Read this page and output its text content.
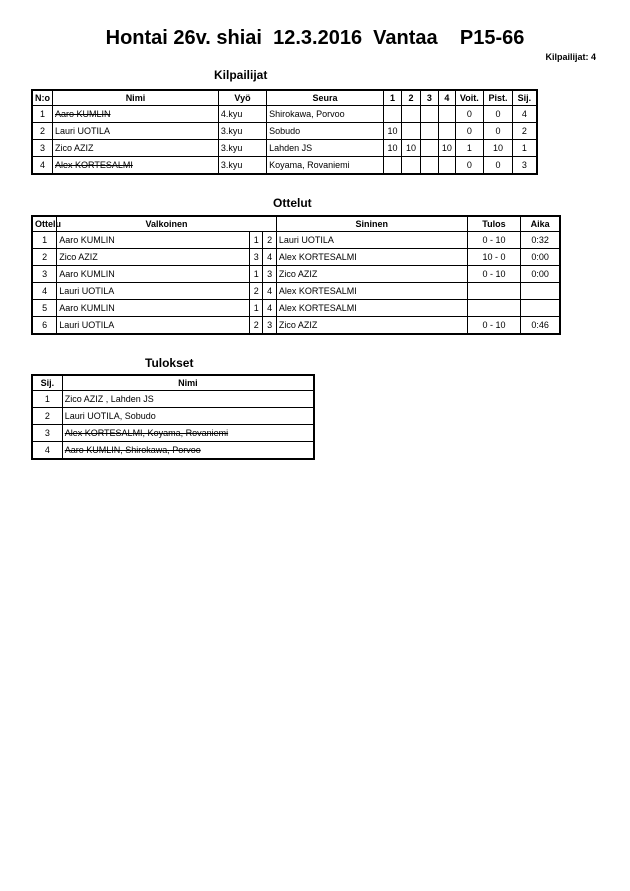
Hontai 26v. shiai  12.3.2016  Vantaa    P15-66
Kilpailijat: 4
Kilpailijat
N:o	Nimi	Vyö	Seura	1	2	3	4	Voit.	Pist.	Sij.
1	Aaro KUMLIN	4.kyu	Shirokawa, Porvoo					0	0	4
2	Lauri UOTILA	3.kyu	Sobudo	10				0	0	2
3	Zico AZIZ	3.kyu	Lahden JS	10	10		10	1	10	1
4	Alex KORTESALMI	3.kyu	Koyama, Rovaniemi					0	0	3
Ottelut
Ottelu	Valkoinen			Sininen	Tulos	Aika
1	Aaro KUMLIN	1	2	Lauri UOTILA	0 - 10	0:32
2	Zico AZIZ	3	4	Alex KORTESALMI	10 - 0	0:00
3	Aaro KUMLIN	1	3	Zico AZIZ	0 - 10	0:00
4	Lauri UOTILA	2	4	Alex KORTESALMI		
5	Aaro KUMLIN	1	4	Alex KORTESALMI		
6	Lauri UOTILA	2	3	Zico AZIZ	0 - 10	0:46
Tulokset
Sij.	Nimi
1	Zico AZIZ , Lahden JS
2	Lauri UOTILA, Sobudo
3	Alex KORTESALMI, Koyama, Rovaniemi
4	Aaro KUMLIN, Shirokawa, Porvoo
